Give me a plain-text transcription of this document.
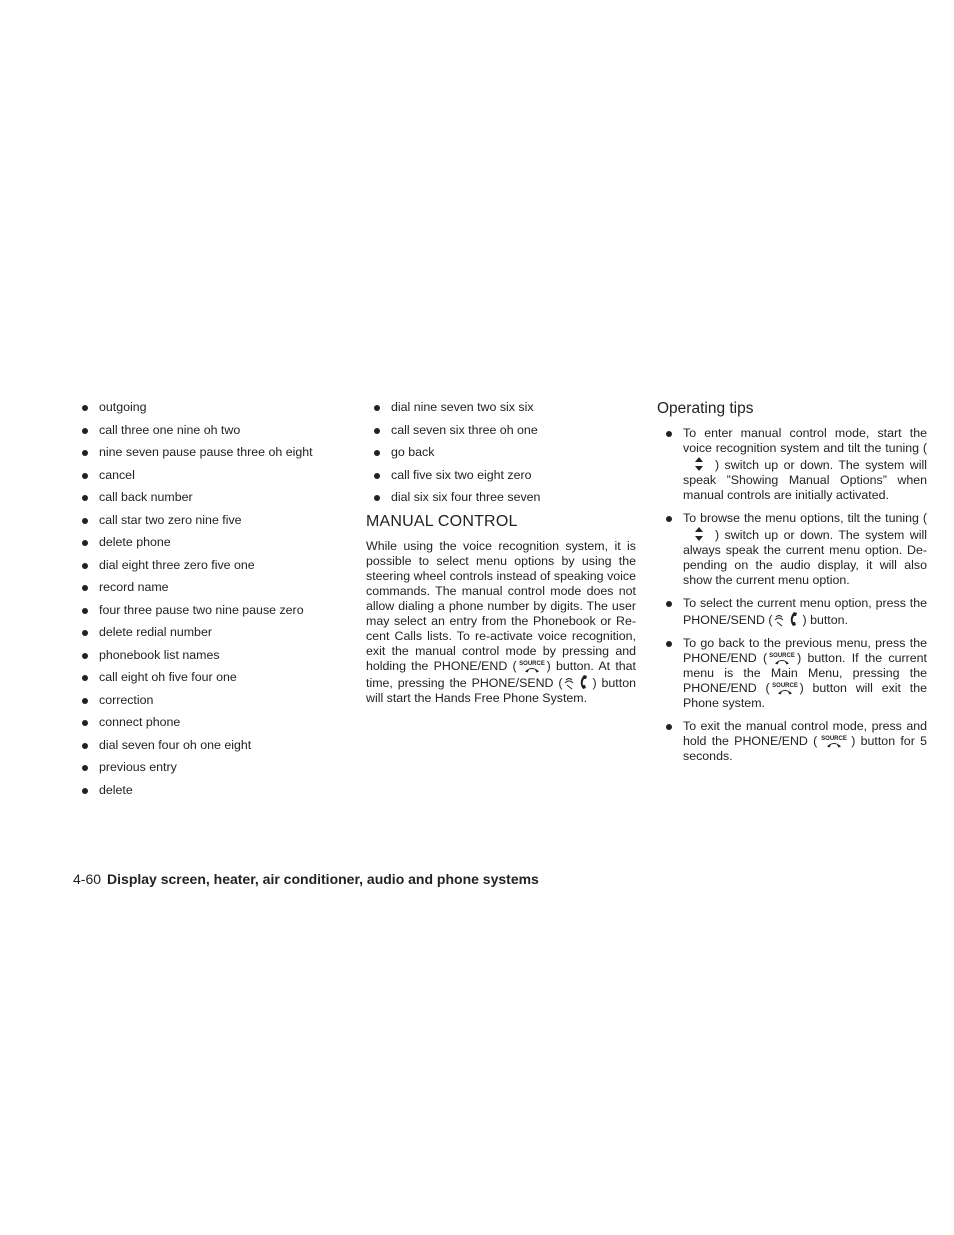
outgoing
call three one nine oh two
nine seven pause pause three oh eight
cancel
call back number
call star two zero nine five
delete phone
dial eight three zero five one
record name
four three pause two nine pause zero
delete redial number
phonebook list names
call eight oh five four one
correction
connect phone
dial seven four oh one eight
previous entry
delete
dial nine seven two six six
call seven six three oh one
go back
call five six two eight zero
dial six six four three seven
MANUAL CONTROL

While using the voice recognition system, it is possible to select menu options by using the steering wheel controls instead of speaking voice commands. The manual control mode does not allow dialing a phone number by digits. The user may select an entry from the Phonebook or Re-cent Calls lists. To re-activate voice recognition, exit the manual control mode by pressing and holding the PHONE/END ( SOURCE ) button. At that time, pressing the PHONE/SEND ( ) button will start the Hands Free Phone System.

Operating tips
To enter manual control mode, start the voice recognition system and tilt the tuning (
) switch up or down. The system will speak ”Showing Manual Options” when manual controls are initially activated.
To browse the menu options, tilt the tuning (
) switch up or down. The system will always speak the current menu option. De-pending on the audio display, it will also show the current menu option.
To select the current menu option, press the PHONE/SEND ( ) button.
To go back to the previous menu, press the PHONE/END ( SOURCE ) button. If the current menu is the Main Menu, pressing the PHONE/END ( SOURCE ) button will exit the Phone system.
To exit the manual control mode, press and hold the PHONE/END ( SOURCE ) button for 5 seconds.
4-60 Display screen, heater, air conditioner, audio and phone systems
